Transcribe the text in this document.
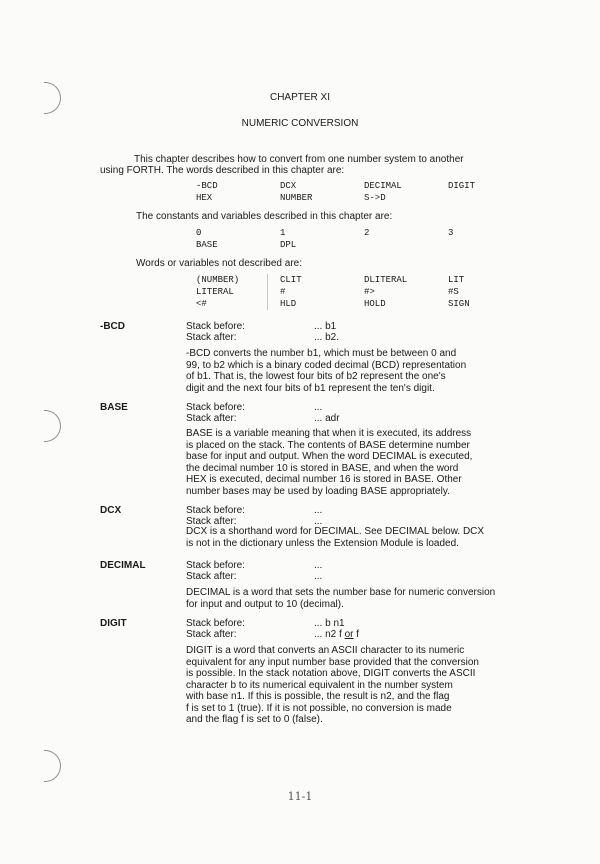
CHAPTER XI
NUMERIC CONVERSION
This chapter describes how to convert from one number system to another
using FORTH. The words described in this chapter are:
-BCD	DCX	DECIMAL	DIGIT
HEX	NUMBER	S->D
The constants and variables described in this chapter are:
0	1	2	3
BASE	DPL
Words or variables not described are:
(NUMBER)	CLIT	DLITERAL	LIT
LITERAL	#	#>	#S
<#	HLD	HOLD	SIGN
-BCD	Stack before:	... b1
Stack after:	... b2.
-BCD converts the number b1, which must be between 0 and
99, to b2 which is a binary coded decimal (BCD) representation
of b1. That is, the lowest four bits of b2 represent the one's
digit and the next four bits of b1 represent the ten's digit.
BASE	Stack before:	...
Stack after:	... adr
BASE is a variable meaning that when it is executed, its address
is placed on the stack. The contents of BASE determine number
base for input and output. When the word DECIMAL is executed,
the decimal number 10 is stored in BASE, and when the word
HEX is executed, decimal number 16 is stored in BASE. Other
number bases may be used by loading BASE appropriately.
DCX	Stack before:	...
Stack after:	...
DCX is a shorthand word for DECIMAL. See DECIMAL below. DCX
is not in the dictionary unless the Extension Module is loaded.
DECIMAL	Stack before:	...
Stack after:	...
DECIMAL is a word that sets the number base for numeric conversion
for input and output to 10 (decimal).
DIGIT	Stack before:	... b n1
Stack after:	... n2 f or f
DIGIT is a word that converts an ASCII character to its numeric
equivalent for any input number base provided that the conversion
is possible. In the stack notation above, DIGIT converts the ASCII
character b to its numerical equivalent in the number system
with base n1. If this is possible, the result is n2, and the flag
f is set to 1 (true). If it is not possible, no conversion is made
and the flag f is set to 0 (false).
11-1
